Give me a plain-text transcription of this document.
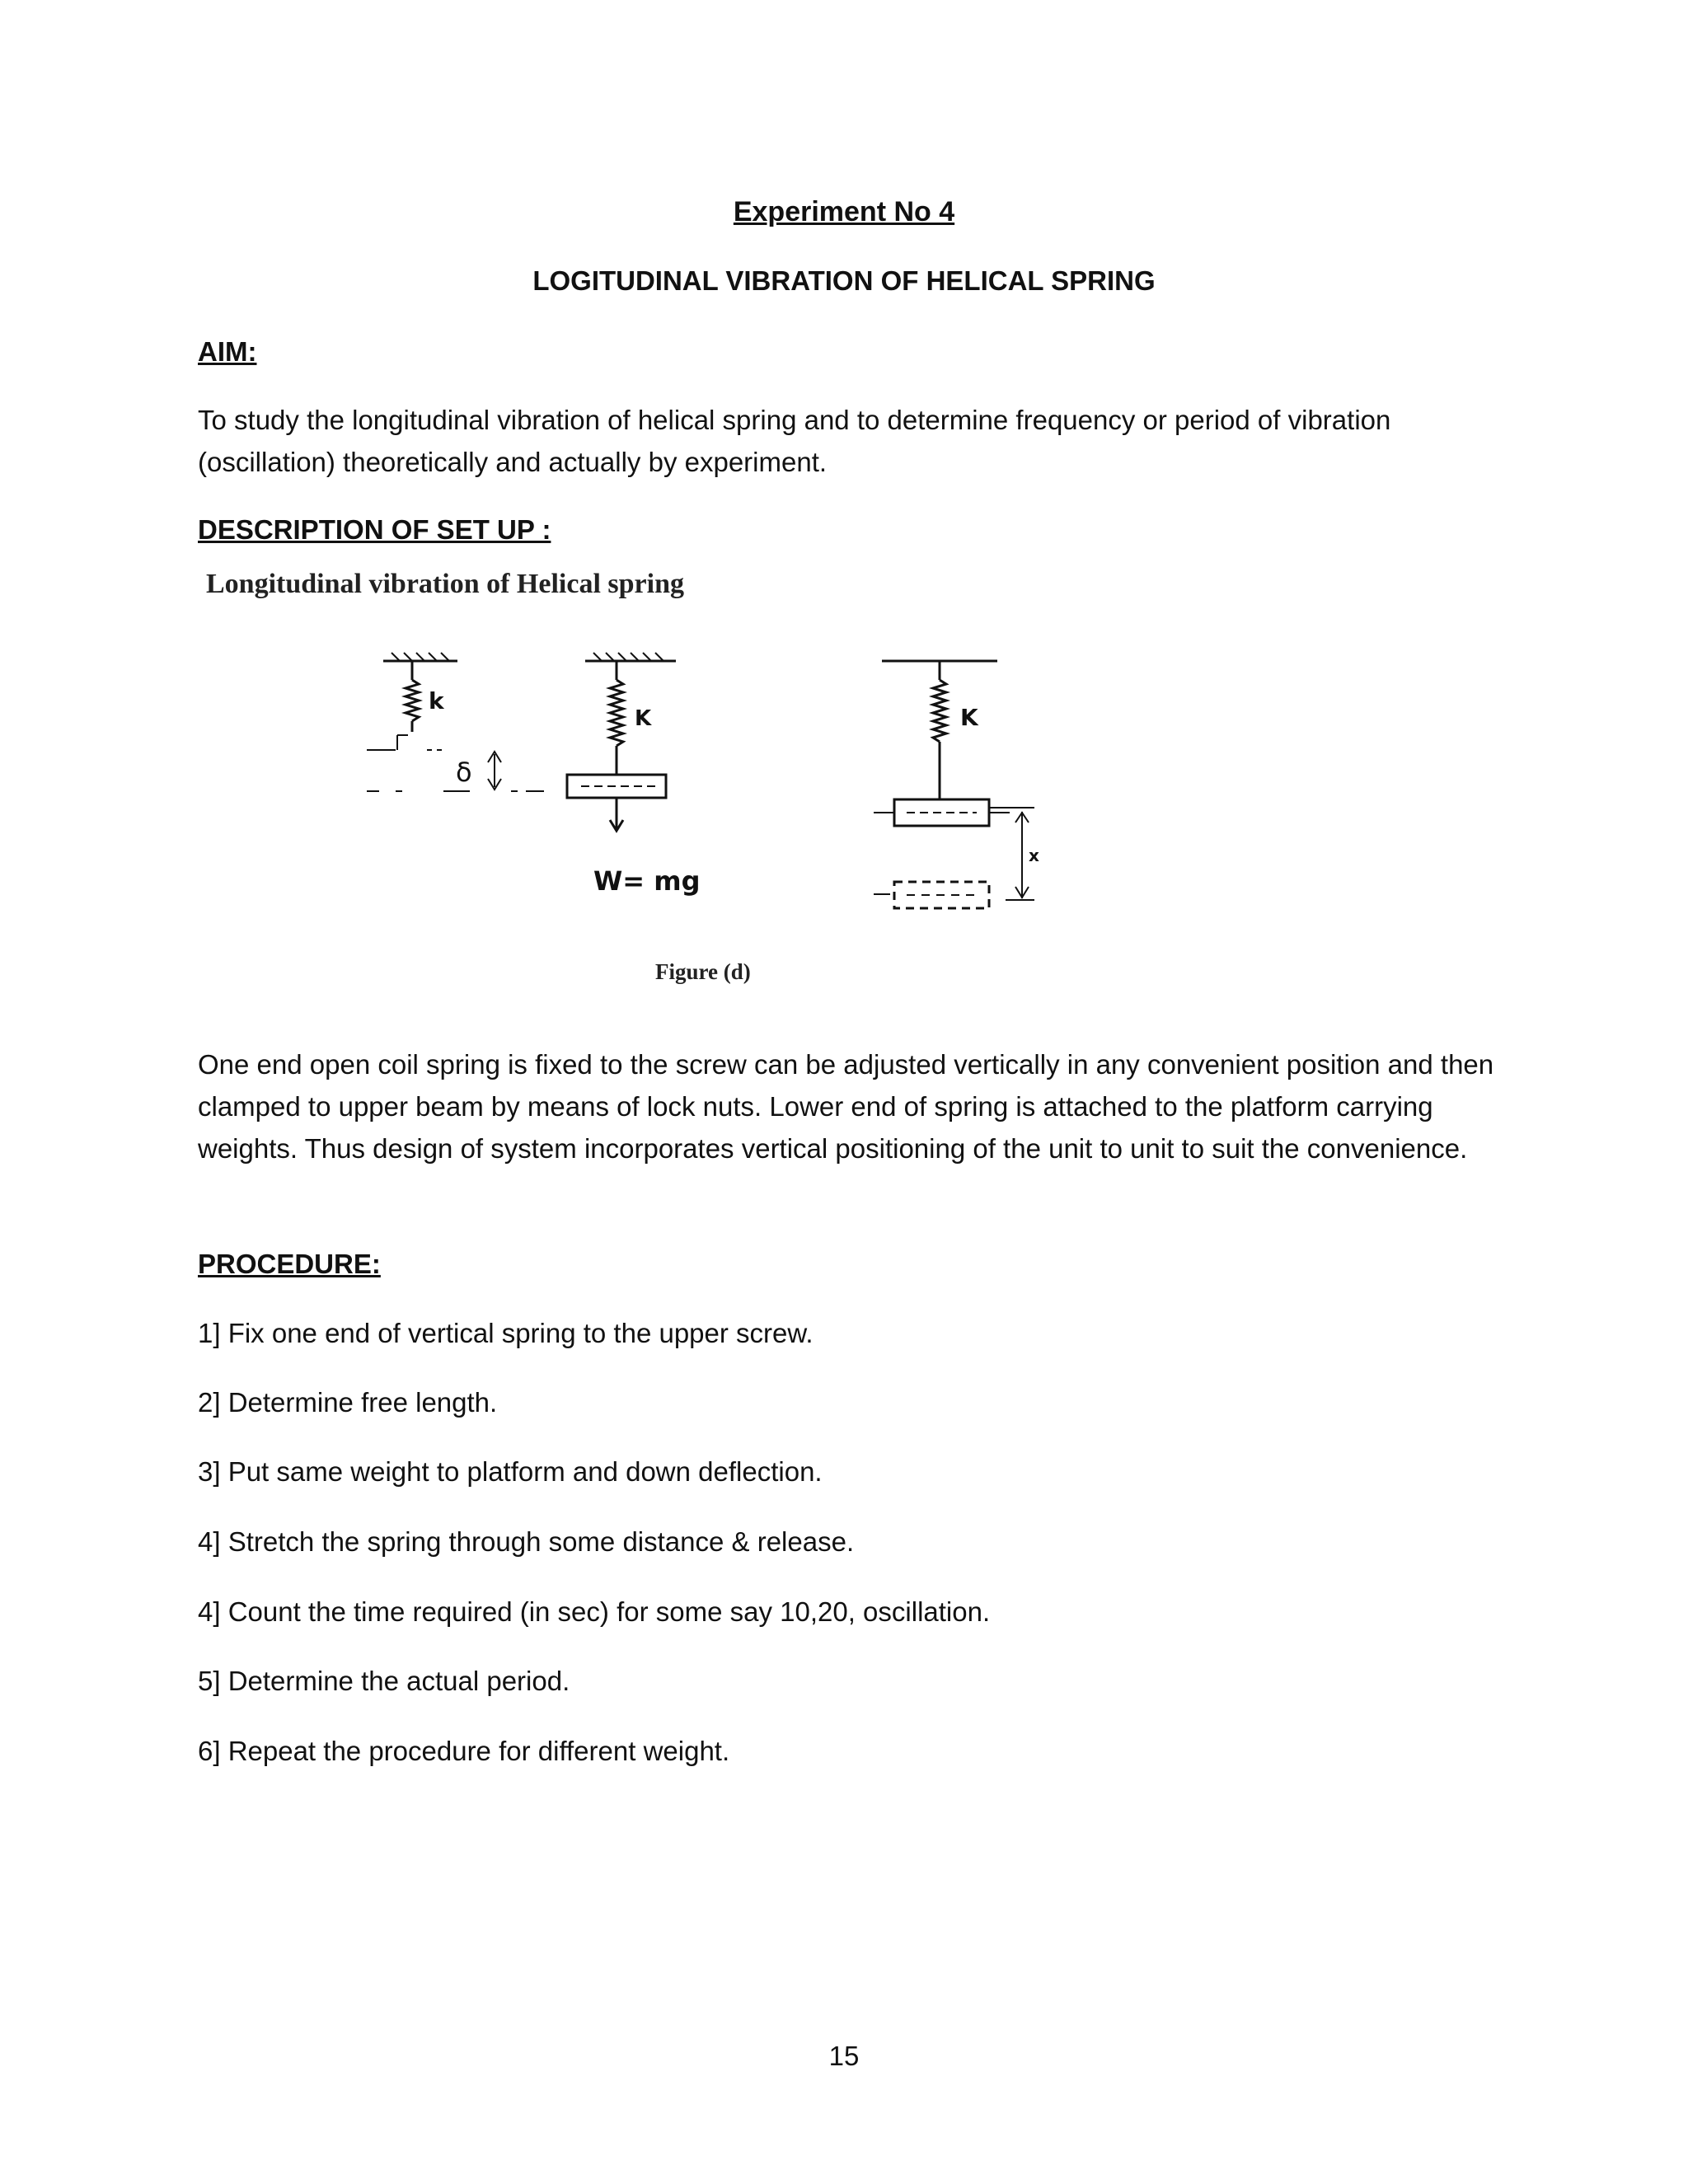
Experiment No 4
LOGITUDINAL VIBRATION OF HELICAL SPRING
AIM:
To study the longitudinal vibration of helical spring and to determine frequency or period of vibration (oscillation) theoretically and actually by experiment.
DESCRIPTION OF SET UP :
Longitudinal vibration of Helical spring
k
K	K
δ
W= mg
x
Figure (d)
One end open coil spring is fixed to the screw can be adjusted vertically in any convenient position and then clamped to upper beam by means of lock nuts. Lower end of spring is attached to the platform carrying weights. Thus design of system incorporates vertical positioning of the unit to unit to suit the convenience.
PROCEDURE:
1] Fix one end of vertical spring to the upper screw.
2] Determine free length.
3] Put same weight to platform and down deflection.
4] Stretch the spring through some distance & release.
4] Count the time required (in sec) for some say 10,20, oscillation.
5] Determine the actual period.
6] Repeat the procedure for different weight.
15
